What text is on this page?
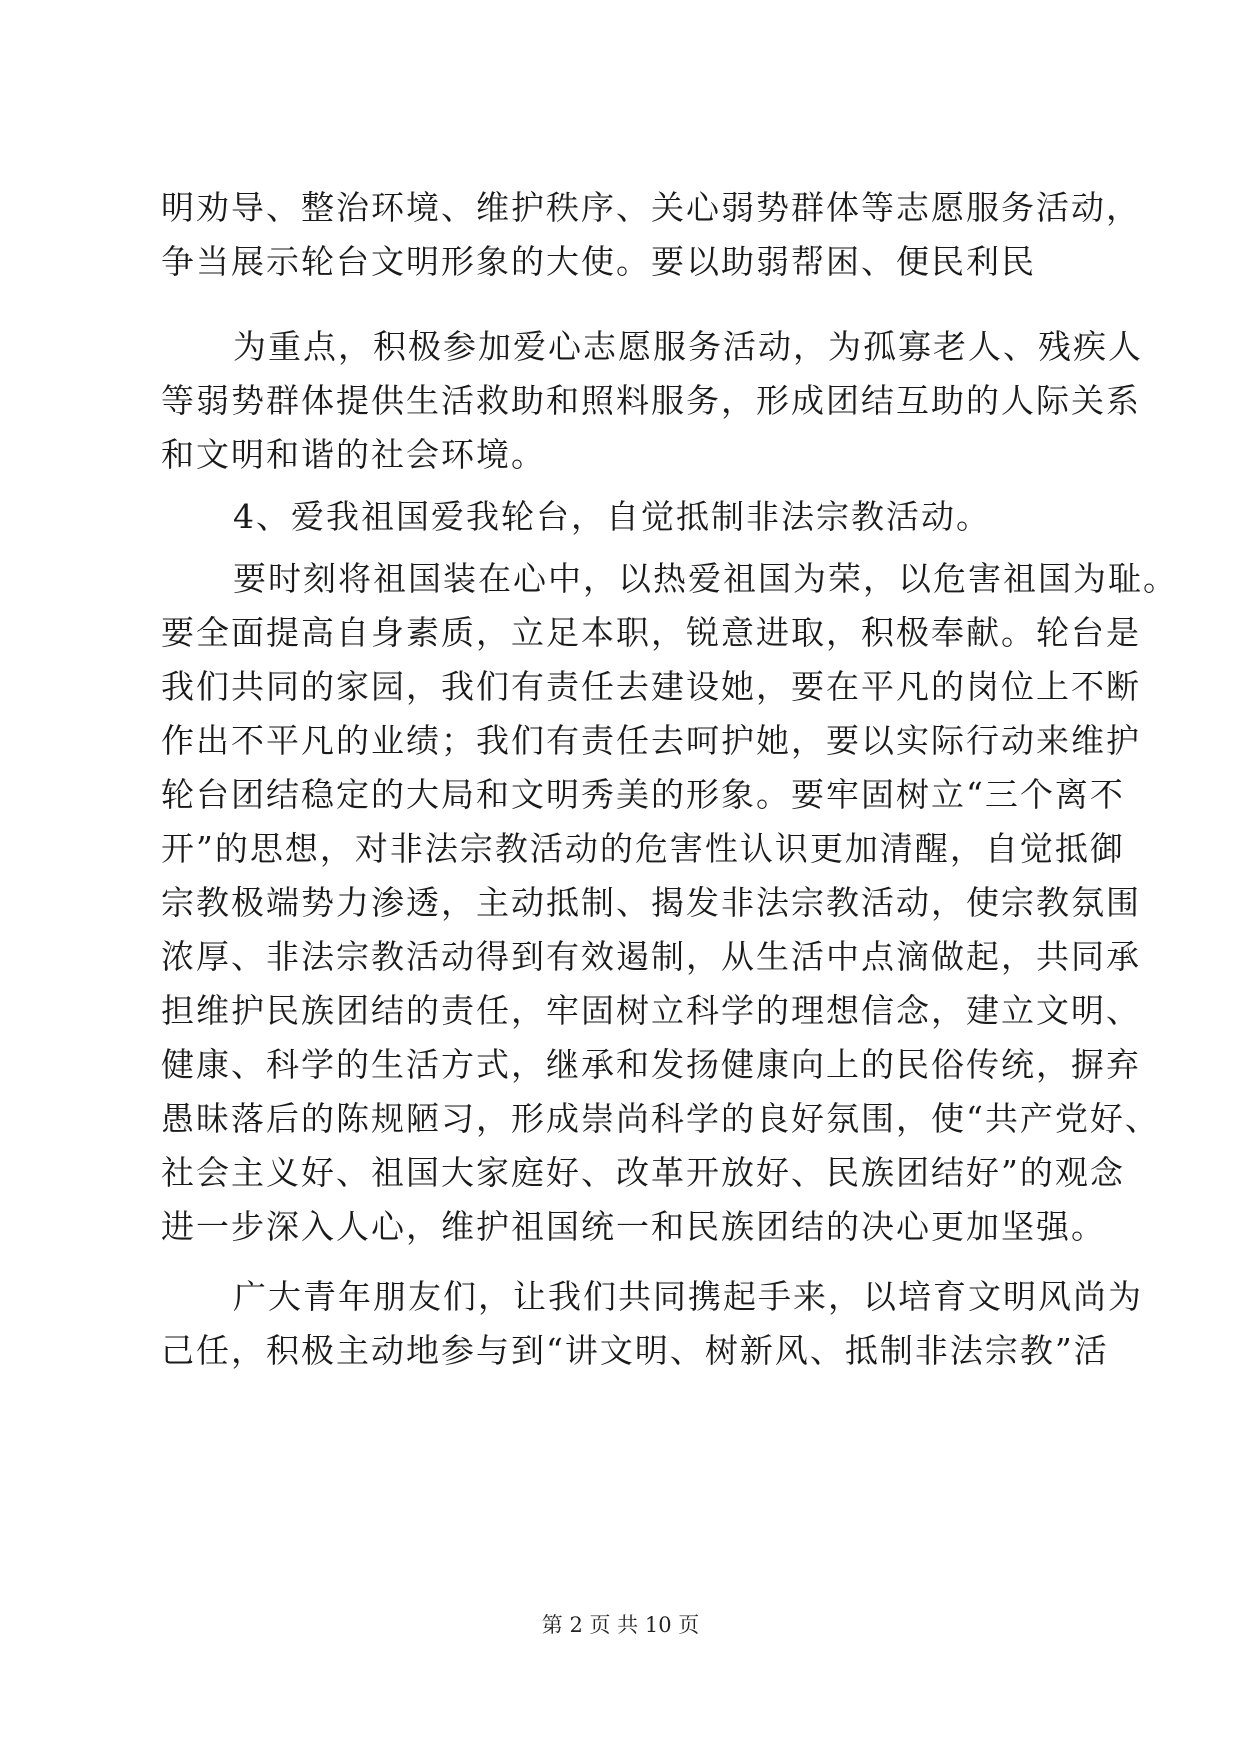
明劝导、整治环境、维护秩序、关心弱势群体等志愿服务活动，
争当展示轮台文明形象的大使。要以助弱帮困、便民利民
为重点，积极参加爱心志愿服务活动，为孤寡老人、残疾人
等弱势群体提供生活救助和照料服务，形成团结互助的人际关系
和文明和谐的社会环境。
4、爱我祖国爱我轮台，自觉抵制非法宗教活动。
要时刻将祖国装在心中，以热爱祖国为荣，以危害祖国为耻。
要全面提高自身素质，立足本职，锐意进取，积极奉献。轮台是
我们共同的家园，我们有责任去建设她，要在平凡的岗位上不断
作出不平凡的业绩；我们有责任去呵护她，要以实际行动来维护
轮台团结稳定的大局和文明秀美的形象。要牢固树立“三个离不
开”的思想，对非法宗教活动的危害性认识更加清醒，自觉抵御
宗教极端势力渗透，主动抵制、揭发非法宗教活动，使宗教氛围
浓厚、非法宗教活动得到有效遏制，从生活中点滴做起，共同承
担维护民族团结的责任，牢固树立科学的理想信念，建立文明、
健康、科学的生活方式，继承和发扬健康向上的民俗传统，摒弃
愚昧落后的陈规陋习，形成崇尚科学的良好氛围，使“共产党好、
社会主义好、祖国大家庭好、改革开放好、民族团结好”的观念
进一步深入人心，维护祖国统一和民族团结的决心更加坚强。
广大青年朋友们，让我们共同携起手来，以培育文明风尚为
己任，积极主动地参与到“讲文明、树新风、抵制非法宗教”活
第 2 页 共 10 页
